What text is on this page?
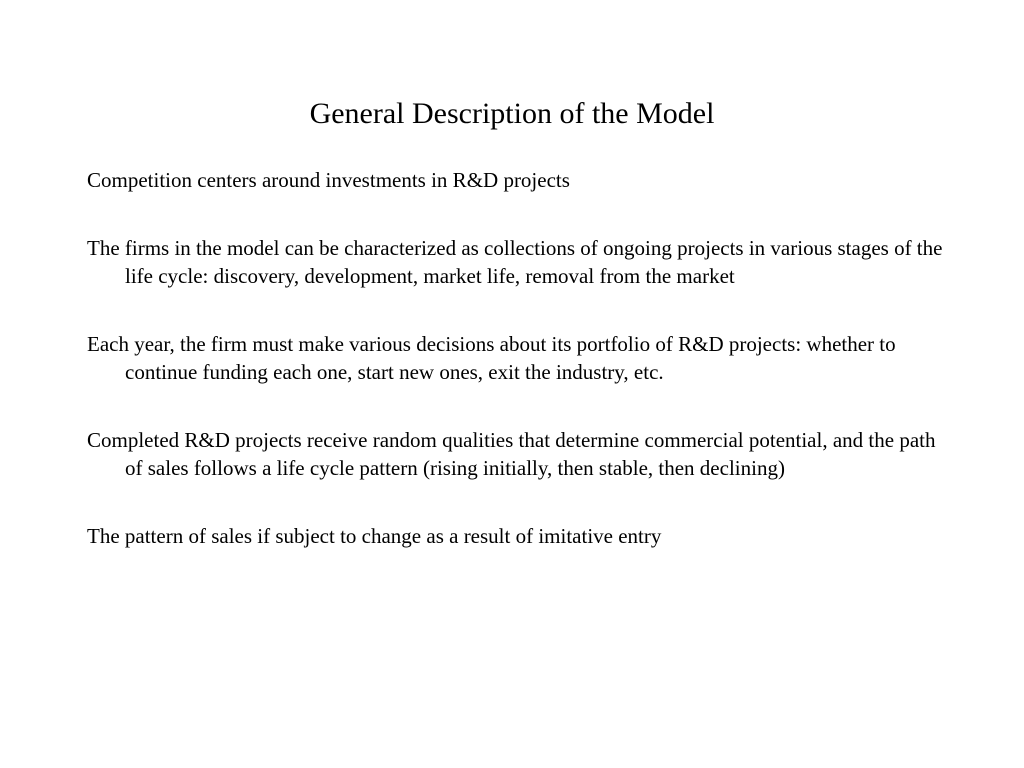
General Description of the Model
Competition centers around investments in R&D projects
The firms in the model can be characterized as collections of ongoing projects in various stages of the life cycle: discovery, development, market life, removal from the market
Each year, the firm must make various decisions about its portfolio of R&D projects: whether to continue funding each one, start new ones, exit the industry, etc.
Completed R&D projects receive random qualities that determine commercial potential, and the path of sales follows a life cycle pattern (rising initially, then stable, then declining)
The pattern of sales if subject to change as a result of imitative entry
